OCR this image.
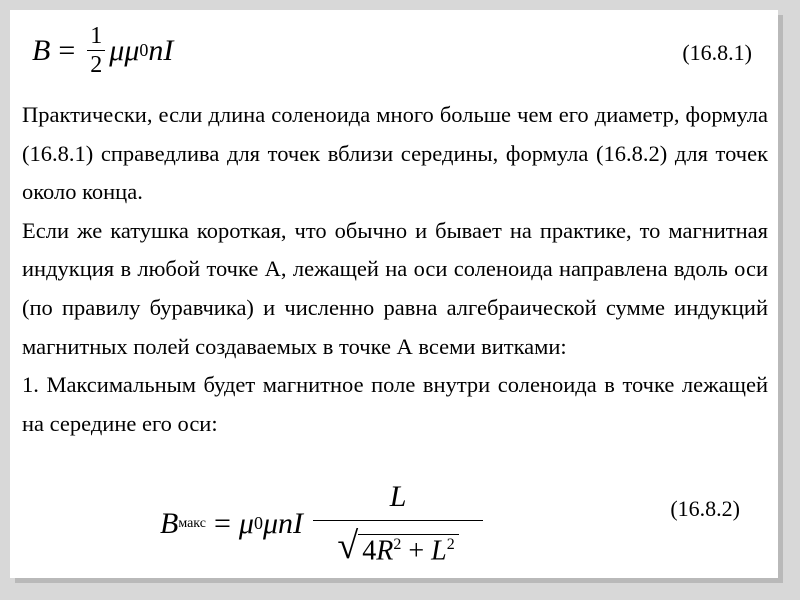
$B = \frac{1}{2}$ μ μ 0 nI	(16.8.1)

Практически, если длина соленоида много больше чем его диаметр, формула (16.8.1) справедлива для точек вблизи середины, формула (16.8.2) для точек около конца.

Если же катушка короткая, что обычно и бывает на практике, то магнитная индукция в любой точке А, лежащей на оси соленоида направлена вдоль оси (по правилу буравчика) и численно равна алгебраической сумме индукций магнитных полей создаваемых в точке А всеми витками:

1. Максимальным будет магнитное поле внутри соленоида в точке лежащей на середине его оси:

B макс = μ 0 μnI $\frac{L}{√ 4R^2 + L^2}$	(16.8.2)
